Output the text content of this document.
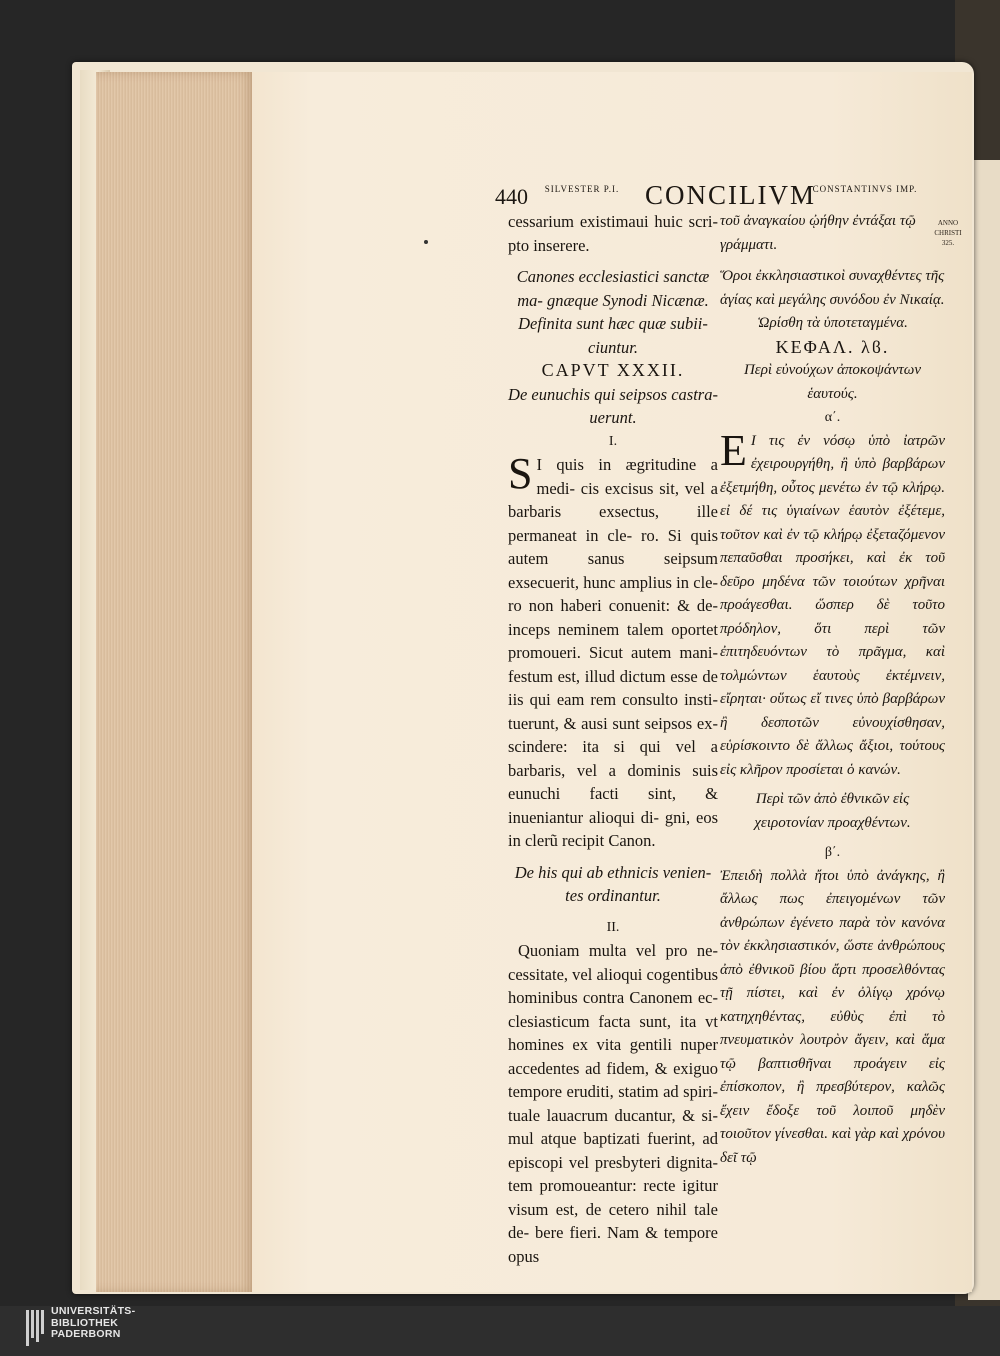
440	SILVESTER P.I. CONCILIVM
CONSTANTINVS IMP.
ANNO CHRISTI 325.

cessarium existimaui huic scri- pto inserere.

Canones ecclesiastici sanctæ ma- gnæque Synodi Nicænæ.

Definita sunt hæc quæ subii- ciuntur.

CAPVT XXXII.

De eunuchis qui seipsos castra- uerunt.

I.

S I quis in ægritudine a medi- cis excisus sit, vel a barbaris exsectus, ille permaneat in cle- ro. Si quis autem sanus seipsum exsecuerit, hunc amplius in cle- ro non haberi conuenit: & de- inceps neminem talem oportet promoueri. Sicut autem mani- festum est, illud dictum esse de iis qui eam rem consulto insti- tuerunt, & ausi sunt seipsos ex- scindere: ita si qui vel a barbaris, vel a dominis suis eunuchi facti sint, & inueniantur alioqui di- gni, eos in clerũ recipit Canon.

De his qui ab ethnicis venien- tes ordinantur.

II.

Quoniam multa vel pro ne- cessitate, vel alioqui cogentibus hominibus contra Canonem ec- clesiasticum facta sunt, ita vt homines ex vita gentili nuper accedentes ad fidem, & exiguo tempore eruditi, statim ad spiri- tuale lauacrum ducantur, & si- mul atque baptizati fuerint, ad episcopi vel presbyteri dignita- tem promoueantur: recte igitur visum est, de cetero nihil tale de- bere fieri. Nam & tempore opus

τοῦ ἀναγκαίου ᾠήθην ἐντάξαι τῷ γράμματι.

Ὅροι ἐκκλησιαστικοὶ συναχθέντες τῆς ἁγίας καὶ μεγάλης συνόδου ἐν Νικαίᾳ.

Ὡρίσθη τὰ ὑποτεταγμένα.

ΚΕΦΑΛ. λϐ.

Περὶ εὐνούχων ἀποκοψάντων ἑαυτούς.

α΄.

Ε Ι τις ἐν νόσῳ ὑπὸ ἰατρῶν ἐχειρουργήθη, ἢ ὑπὸ βαρβάρων ἐξετμήθη, οὗτος μενέτω ἐν τῷ κλήρῳ. εἰ δέ τις ὑγιαίνων ἑαυτὸν ἐξέτεμε, τοῦτον καὶ ἐν τῷ κλήρῳ ἐξεταζόμενον πεπαῦσθαι προσήκει, καὶ ἐκ τοῦ δεῦρο μηδένα τῶν τοιούτων χρῆναι προάγεσθαι. ὥσπερ δὲ τοῦτο πρόδηλον, ὅτι περὶ τῶν ἐπιτηδευόντων τὸ πρᾶγμα, καὶ τολμώντων ἑαυτοὺς ἐκτέμνειν, εἴρηται· οὕτως εἴ τινες ὑπὸ βαρβάρων ἢ δεσποτῶν εὐνουχίσθησαν, εὑρίσκοιντο δὲ ἄλλως ἄξιοι, τούτους εἰς κλῆρον προσίεται ὁ κανών.

Περὶ τῶν ἀπὸ ἐθνικῶν εἰς χειροτονίαν προαχθέντων.

β΄.

Ἐπειδὴ πολλὰ ἤτοι ὑπὸ ἀνάγκης, ἢ ἄλλως πως ἐπειγομένων τῶν ἀνθρώπων ἐγένετο παρὰ τὸν κανόνα τὸν ἐκκλησιαστικόν, ὥστε ἀνθρώπους ἀπὸ ἐθνικοῦ βίου ἄρτι προσελθόντας τῇ πίστει, καὶ ἐν ὀλίγῳ χρόνῳ κατηχηθέντας, εὐθὺς ἐπὶ τὸ πνευματικὸν λουτρὸν ἄγειν, καὶ ἅμα τῷ βαπτισθῆναι προάγειν εἰς ἐπίσκοπον, ἢ πρεσβύτερον, καλῶς ἔχειν ἔδοξε τοῦ λοιποῦ μηδὲν τοιοῦτον γίνεσθαι. καὶ γὰρ καὶ χρόνου δεῖ τῷ

UNIVERSITÄTS-
BIBLIOTHEK
PADERBORN
